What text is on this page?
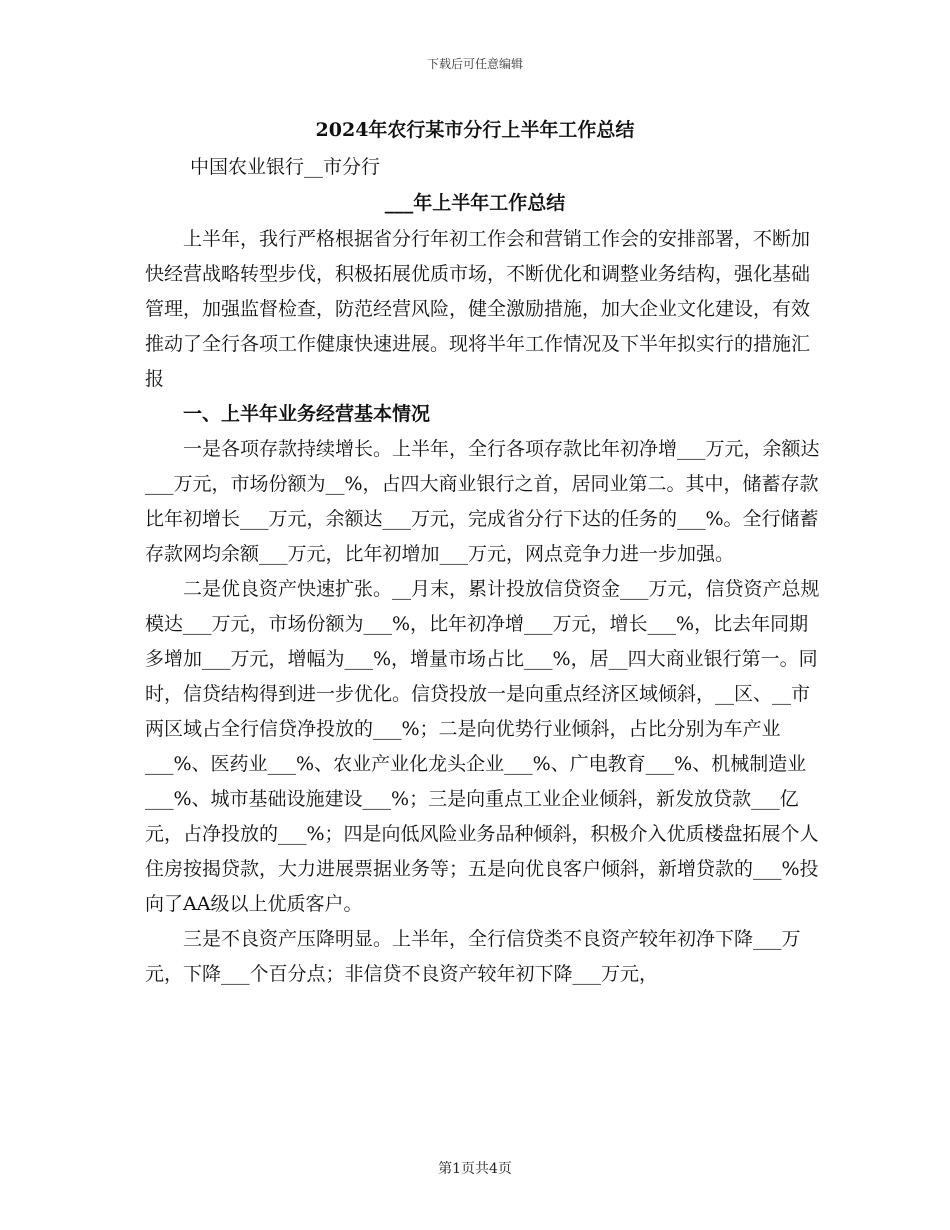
下载后可任意编辑
2024年农行某市分行上半年工作总结
中国农业银行__市分行
___年上半年工作总结

上半年，我行严格根据省分行年初工作会和营销工作会的安排部署，不断加快经营战略转型步伐，积极拓展优质市场，不断优化和调整业务结构，强化基础管理，加强监督检查，防范经营风险，健全激励措施，加大企业文化建设，有效推动了全行各项工作健康快速进展。现将半年工作情况及下半年拟实行的措施汇报

一、上半年业务经营基本情况

一是各项存款持续增长。上半年，全行各项存款比年初净增___万元，余额达___万元，市场份额为__%，占四大商业银行之首，居同业第二。其中，储蓄存款比年初增长___万元，余额达___万元，完成省分行下达的任务的___%。全行储蓄存款网均余额___万元，比年初增加___万元，网点竞争力进一步加强。

二是优良资产快速扩张。__月末，累计投放信贷资金___万元，信贷资产总规模达___万元，市场份额为___%，比年初净增___万元，增长___%，比去年同期多增加___万元，增幅为___%，增量市场占比___%，居__四大商业银行第一。同时，信贷结构得到进一步优化。信贷投放一是向重点经济区域倾斜，__区、__市两区域占全行信贷净投放的___%；二是向优势行业倾斜，占比分别为车产业___%、医药业___%、农业产业化龙头企业___%、广电教育___%、机械制造业___%、城市基础设施建设___%；三是向重点工业企业倾斜，新发放贷款___亿元，占净投放的___%；四是向低风险业务品种倾斜，积极介入优质楼盘拓展个人住房按揭贷款，大力进展票据业务等；五是向优良客户倾斜，新增贷款的___%投向了AA级以上优质客户。

三是不良资产压降明显。上半年，全行信贷类不良资产较年初净下降___万元，下降___个百分点；非信贷不良资产较年初下降___万元，

第1页共4页
